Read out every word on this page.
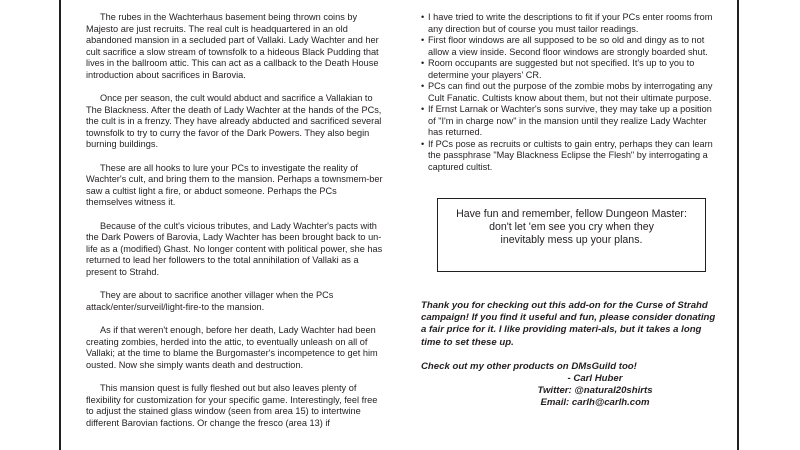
The rubes in the Wachterhaus basement being thrown coins by Majesto are just recruits. The real cult is headquartered in an old abandoned mansion in a secluded part of Vallaki. Lady Wachter and her cult sacrifice a slow stream of townsfolk to a hideous Black Pudding that lives in the ballroom attic. This can act as a callback to the Death House introduction about sacrifices in Barovia.

Once per season, the cult would abduct and sacrifice a Vallakian to The Blackness. After the death of Lady Wachter at the hands of the PCs, the cult is in a frenzy. They have already abducted and sacrificed several townsfolk to try to curry the favor of the Dark Powers. They also begin burning buildings.

These are all hooks to lure your PCs to investigate the reality of Wachter's cult, and bring them to the mansion. Perhaps a townsmem-ber saw a cultist light a fire, or abduct someone. Perhaps the PCs themselves witness it.

Because of the cult's vicious tributes, and Lady Wachter's pacts with the Dark Powers of Barovia, Lady Wachter has been brought back to un-life as a (modified) Ghast. No longer content with political power, she has returned to lead her followers to the total annihilation of Vallaki as a present to Strahd.

They are about to sacrifice another villager when the PCs attack/enter/surveil/light-fire-to the mansion.

As if that weren't enough, before her death, Lady Wachter had been creating zombies, herded into the attic, to eventually unleash on all of Vallaki; at the time to blame the Burgomaster's incompetence to get him ousted. Now she simply wants death and destruction.

This mansion quest is fully fleshed out but also leaves plenty of flexibility for customization for your specific game. Interestingly, feel free to adjust the stained glass window (seen from area 15) to intertwine different Barovian factions. Or change the fresco (area 13) if

• I have tried to write the descriptions to fit if your PCs enter rooms from any direction but of course you must tailor readings.
• First floor windows are all supposed to be so old and dingy as to not allow a view inside. Second floor windows are strongly boarded shut.
• Room occupants are suggested but not specified. It's up to you to determine your players' CR.
• PCs can find out the purpose of the zombie mobs by interrogating any Cult Fanatic. Cultists know about them, but not their ultimate purpose.
• If Ernst Larnak or Wachter's sons survive, they may take up a position of "I'm in charge now" in the mansion until they realize Lady Wachter has returned.
• If PCs pose as recruits or cultists to gain entry, perhaps they can learn the passphrase "May Blackness Eclipse the Flesh" by interrogating a captured cultist.
Have fun and remember, fellow Dungeon Master:
don't let 'em see you cry when they
inevitably mess up your plans.

Thank you for checking out this add-on for the Curse of Strahd campaign! If you find it useful and fun, please consider donating a fair price for it. I like providing materi-als, but it takes a long time to set these up.

Check out my other products on DMsGuild too!
- Carl Huber
Twitter: @natural20shirts
Email: carlh@carlh.com
